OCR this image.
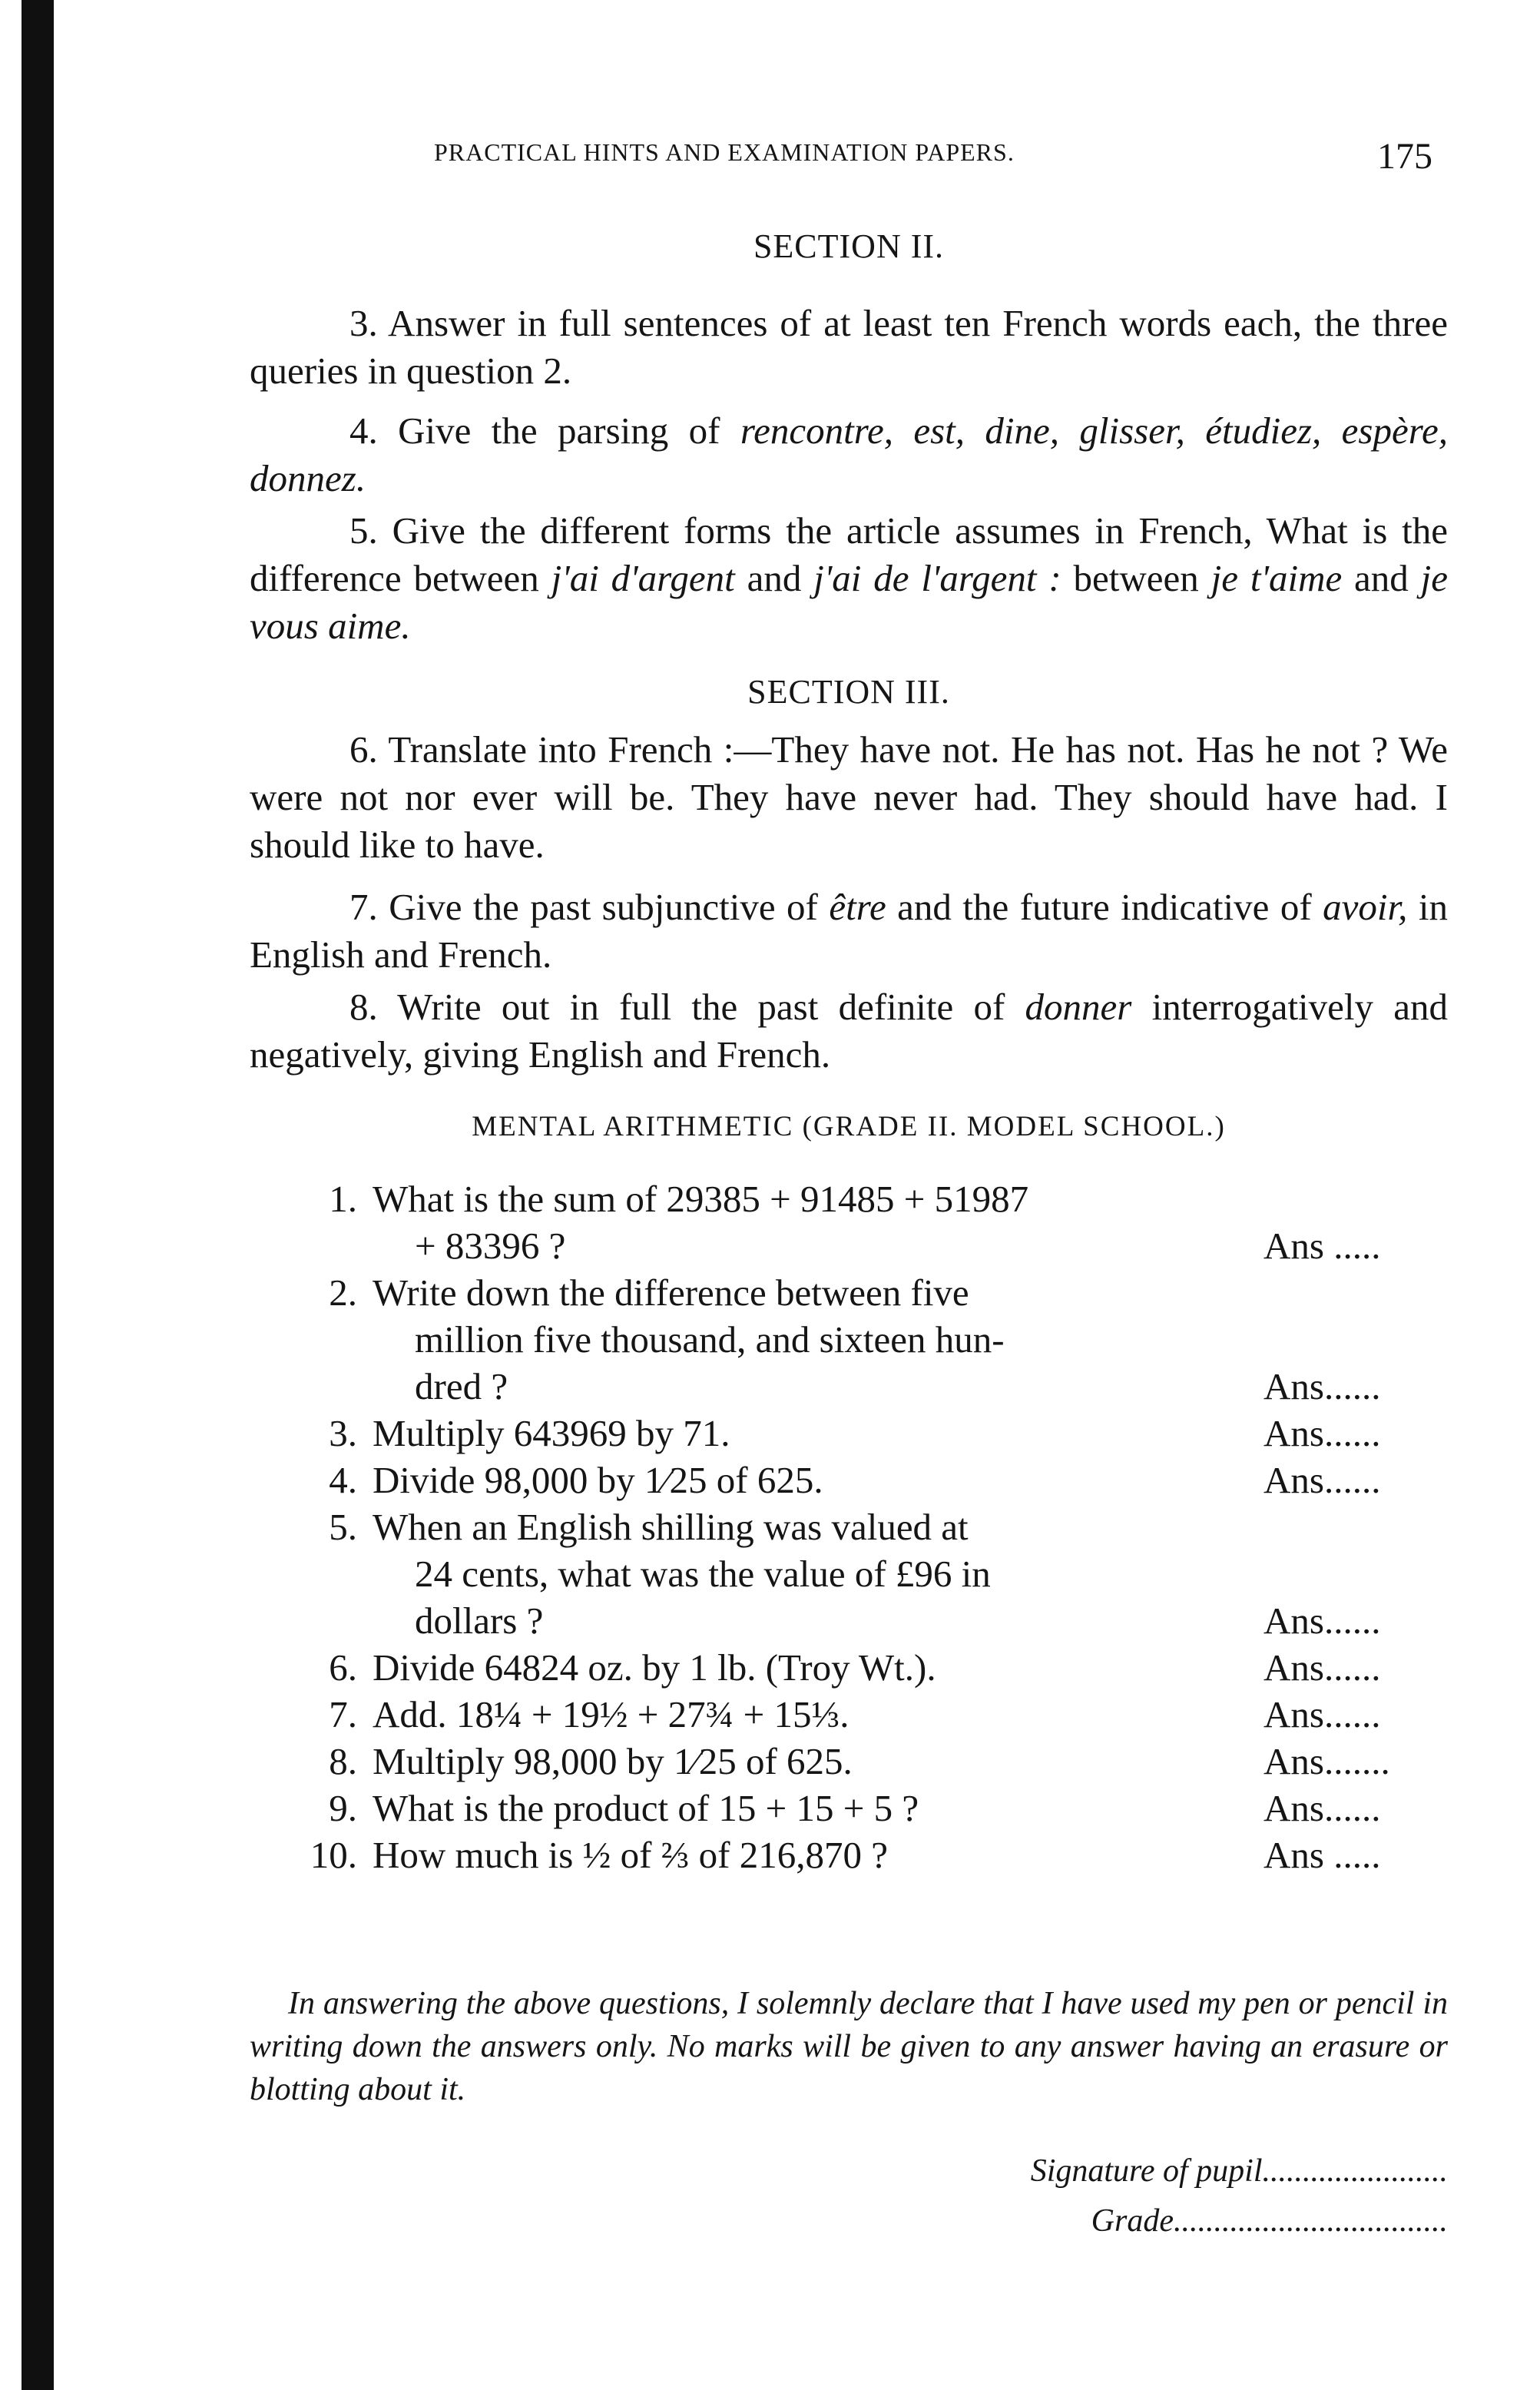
PRACTICAL HINTS AND EXAMINATION PAPERS.	175
SECTION II.
3. Answer in full sentences of at least ten French words each, the three queries in question 2.
4. Give the parsing of rencontre, est, dine, glisser, étudiez, espère, donnez.
5. Give the different forms the article assumes in French, What is the difference between j'ai d'argent and j'ai de l'argent : between je t'aime and je vous aime.
SECTION III.
6. Translate into French :—They have not. He has not. Has he not ? We were not nor ever will be. They have never had. They should have had. I should like to have.
7. Give the past subjunctive of être and the future indicative of avoir, in English and French.
8. Write out in full the past definite of donner interrogatively and negatively, giving English and French.
MENTAL ARITHMETIC (GRADE II. MODEL SCHOOL.)
1. What is the sum of 29385 + 91485 + 51987
+ 83396 ?	Ans .....
2. Write down the difference between five
million five thousand, and sixteen hun-
dred ?	Ans......
3. Multiply 643969 by 71.	Ans......
4. Divide 98,000 by 1⁄25 of 625.	Ans......
5. When an English shilling was valued at
24 cents, what was the value of £96 in
dollars ?	Ans......
6. Divide 64824 oz. by 1 lb. (Troy Wt.).	Ans......
7. Add. 18¼ + 19½ + 27¾ + 15⅓.	Ans......
8. Multiply 98,000 by 1⁄25 of 625.	Ans.......
9. What is the product of 15 + 15 + 5 ?	Ans......
10. How much is ½ of ⅔ of 216,870 ?	Ans .....
In answering the above questions, I solemnly declare that I have used my pen or pencil in writing down the answers only. No marks will be given to any answer having an erasure or blotting about it.
Signature of pupil.......................
Grade..................................
